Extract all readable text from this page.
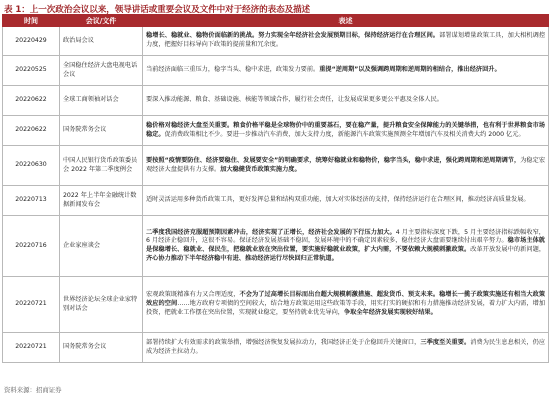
表 1：上一次政治会议以来，领导讲话或重要会议及文件中对于经济的表态及描述
时间	会议/文件	表述
20220429	政治局会议	稳增长、稳就业、稳物价面临新的挑战。努力实现全年经济社会发展预期目标，保持经济运行在合理区间。部署谋划增量政策工具，加大相机调控力度，把握好目标导向下政策的提前量和冗余度。
20220525	全国稳住经济大盘电视电话会议	当前经济面临三重压力，稳字当头、稳中求进，政策发力要前。重提“逆周期”以及强调跨周期和逆周期的相结合，推出经济回升。
20220622	全球工商领袖对话会	要深入推动能源、粮食、基础设施、核能等领域合作，履行社会责任，让发展成果更多更公平惠及全体人民。
20220622	国务院常务会议	稳价格对稳经济大盘至关重要。粮食价格平稳是全球物价中的重要基石，要在稳产量，提升粮食安全保障能力的关键举措，也有利于世界粮食市场稳定。促消费政策相比不少。要进一步推动汽车消费，加大支持力度，新能源汽车政策实施预测全年增加汽车及相关消费大约 2000 亿元。
20220630	中国人民银行货币政策委员会 2022 年第二季度例会	要按照“疫情要防住、经济要稳住、发展要安全”的明确要求，统筹好稳就业和稳物价，稳字当头，稳中求进，强化跨周期和逆周期调节，为稳定宏观经济大盘提供有力支撑。加大稳健货币政策实施力度。
20220713	2022 年上半年金融统计数据新闻发布会	适时灵活运用多种货币政策工具，更好发挥总量和结构双重功能，加大对实体经济的支持，保持经济运行在合理区间，推动经济高质量发展。
20220716	企业家座谈会	二季度我国经济克服超预期因素冲击，经济实现了正增长，经济社会发展的下行压力加大。4 月主要指标深度下跌，5 月主要经济指标跌幅收窄，6 月经济企稳回升，这很不容易。保证经济发展基础不稳固，发展环境中的不确定因素较多，稳住经济大盘需要继续付出艰辛努力。稳市场主体就是保稳增长、稳就业、保民生，把稳就业放在突出位置，要实施好稳就业政策，扩大内需，不要依赖大规模刺激政策。改革开放发展中的新问题，齐心协力推动下半年经济稳中有进、推动经济运行尽快回归正常轨道。
20220721	世界经济论坛全球企业家特别对话会	宏观政策既精准有力又合理适度，不会为了过高增长目标而出台超大规模刺激措施、超发货币、预支未来。稳增长一揽子政策实施还有相当大政策效应的空间……地方政府专项债的空间较大，结合地方政策运用这些政策等手段，用实打实的硬招和有力措施推动经济发展，着力扩大内需，增加投资，把就业工作摆在突出位置，实现就业稳定，要坚持就业优先导向，争取全年经济发展实现较好结果。
20220721	国务院常务会议	部署持续扩大有效需求的政策举措，增强经济恢复发展拉动力，我国经济正处于企稳回升关键窗口，三季度至关重要。消费为民生息息相关，仍应成为经济主拉动力。
资料来源：招商证券
